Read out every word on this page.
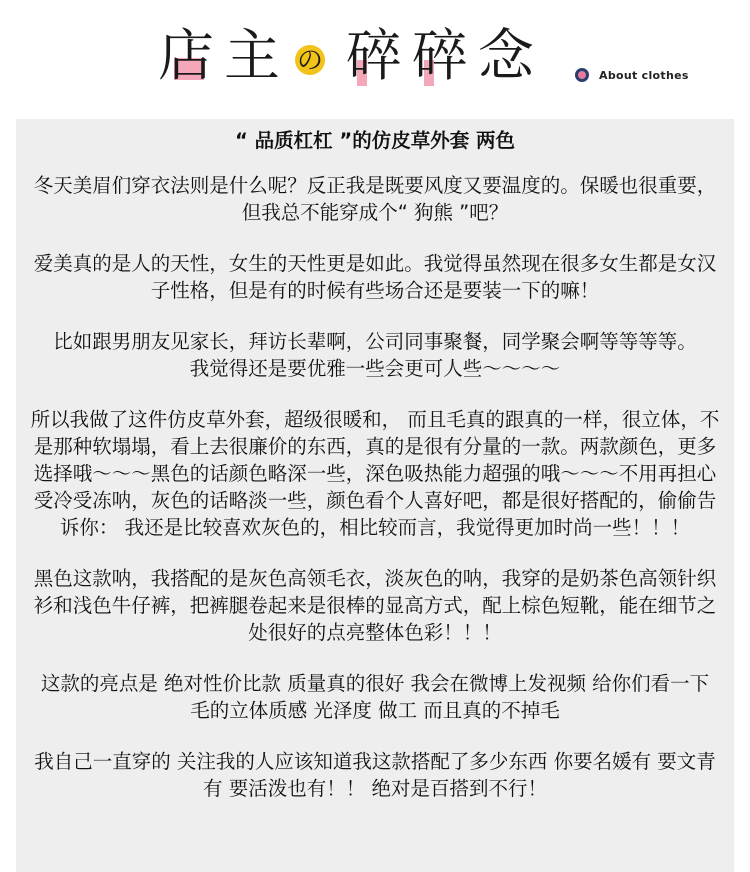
店 主 の 碎 碎 念	About clothes

“ 品质杠杠 ”的仿皮草外套 两色

冬天美眉们穿衣法则是什么呢？反正我是既要风度又要温度的。保暖也很重要，但我总不能穿成个“ 狗熊 ”吧？

爱美真的是人的天性，女生的天性更是如此。我觉得虽然现在很多女生都是女汉子性格，但是有的时候有些场合还是要装一下的嘛！

比如跟男朋友见家长，拜访长辈啊，公司同事聚餐，同学聚会啊等等等等。

我觉得还是要优雅一些会更可人些～～～～

所以我做了这件仿皮草外套，超级很暖和， 而且毛真的跟真的一样，很立体，不是那种软塌塌，看上去很廉价的东西，真的是很有分量的一款。两款颜色，更多选择哦～～～黑色的话颜色略深一些，深色吸热能力超强的哦～～～不用再担心受冷受冻呐，灰色的话略淡一些，颜色看个人喜好吧，都是很好搭配的，偷偷告诉你： 我还是比较喜欢灰色的，相比较而言，我觉得更加时尚一些！！！

黑色这款呐，我搭配的是灰色高领毛衣，淡灰色的呐，我穿的是奶茶色高领针织衫和浅色牛仔裤，把裤腿卷起来是很棒的显高方式，配上棕色短靴，能在细节之处很好的点亮整体色彩！！！

这款的亮点是 绝对性价比款 质量真的很好 我会在微博上发视频 给你们看一下 毛的立体质感 光泽度 做工 而且真的不掉毛

我自己一直穿的 关注我的人应该知道我这款搭配了多少东西 你要名媛有 要文青有 要活泼也有！！ 绝对是百搭到不行！
